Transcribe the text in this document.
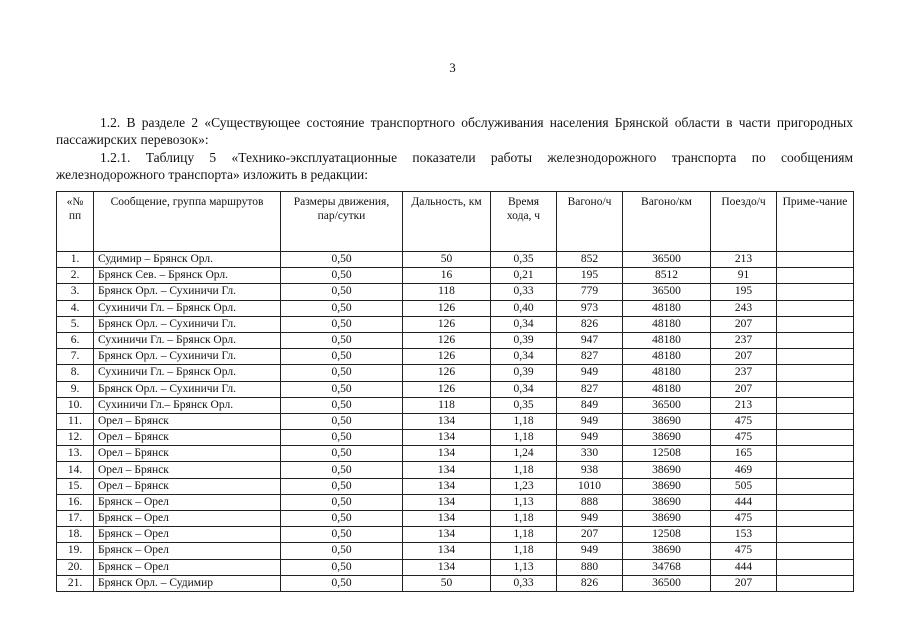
3
1.2. В разделе 2 «Существующее состояние транспортного обслуживания населения Брянской области в части пригородных пассажирских перевозок»:
1.2.1. Таблицу 5 «Технико-эксплуатационные показатели работы железнодорожного транспорта по сообщениям железнодорожного транспорта» изложить в редакции:
«№ пп	Сообщение, группа маршрутов	Размеры движения, пар/сутки	Дальность, км	Время хода, ч	Вагоно/ч	Вагоно/км	Поездо/ч	Приме-чание
1.	Судимир – Брянск Орл.	0,50	50	0,35	852	36500	213	
2.	Брянск Сев. – Брянск Орл.	0,50	16	0,21	195	8512	91	
3.	Брянск Орл. – Сухиничи Гл.	0,50	118	0,33	779	36500	195	
4.	Сухиничи Гл. – Брянск Орл.	0,50	126	0,40	973	48180	243	
5.	Брянск Орл. – Сухиничи Гл.	0,50	126	0,34	826	48180	207	
6.	Сухиничи Гл. – Брянск Орл.	0,50	126	0,39	947	48180	237	
7.	Брянск Орл. – Сухиничи Гл.	0,50	126	0,34	827	48180	207	
8.	Сухиничи Гл. – Брянск Орл.	0,50	126	0,39	949	48180	237	
9.	Брянск Орл. – Сухиничи Гл.	0,50	126	0,34	827	48180	207	
10.	Сухиничи Гл.– Брянск Орл.	0,50	118	0,35	849	36500	213	
11.	Орел – Брянск	0,50	134	1,18	949	38690	475	
12.	Орел – Брянск	0,50	134	1,18	949	38690	475	
13.	Орел – Брянск	0,50	134	1,24	330	12508	165	
14.	Орел – Брянск	0,50	134	1,18	938	38690	469	
15.	Орел – Брянск	0,50	134	1,23	1010	38690	505	
16.	Брянск – Орел	0,50	134	1,13	888	38690	444	
17.	Брянск – Орел	0,50	134	1,18	949	38690	475	
18.	Брянск – Орел	0,50	134	1,18	207	12508	153	
19.	Брянск – Орел	0,50	134	1,18	949	38690	475	
20.	Брянск – Орел	0,50	134	1,13	880	34768	444	
21.	Брянск Орл. – Судимир	0,50	50	0,33	826	36500	207	
